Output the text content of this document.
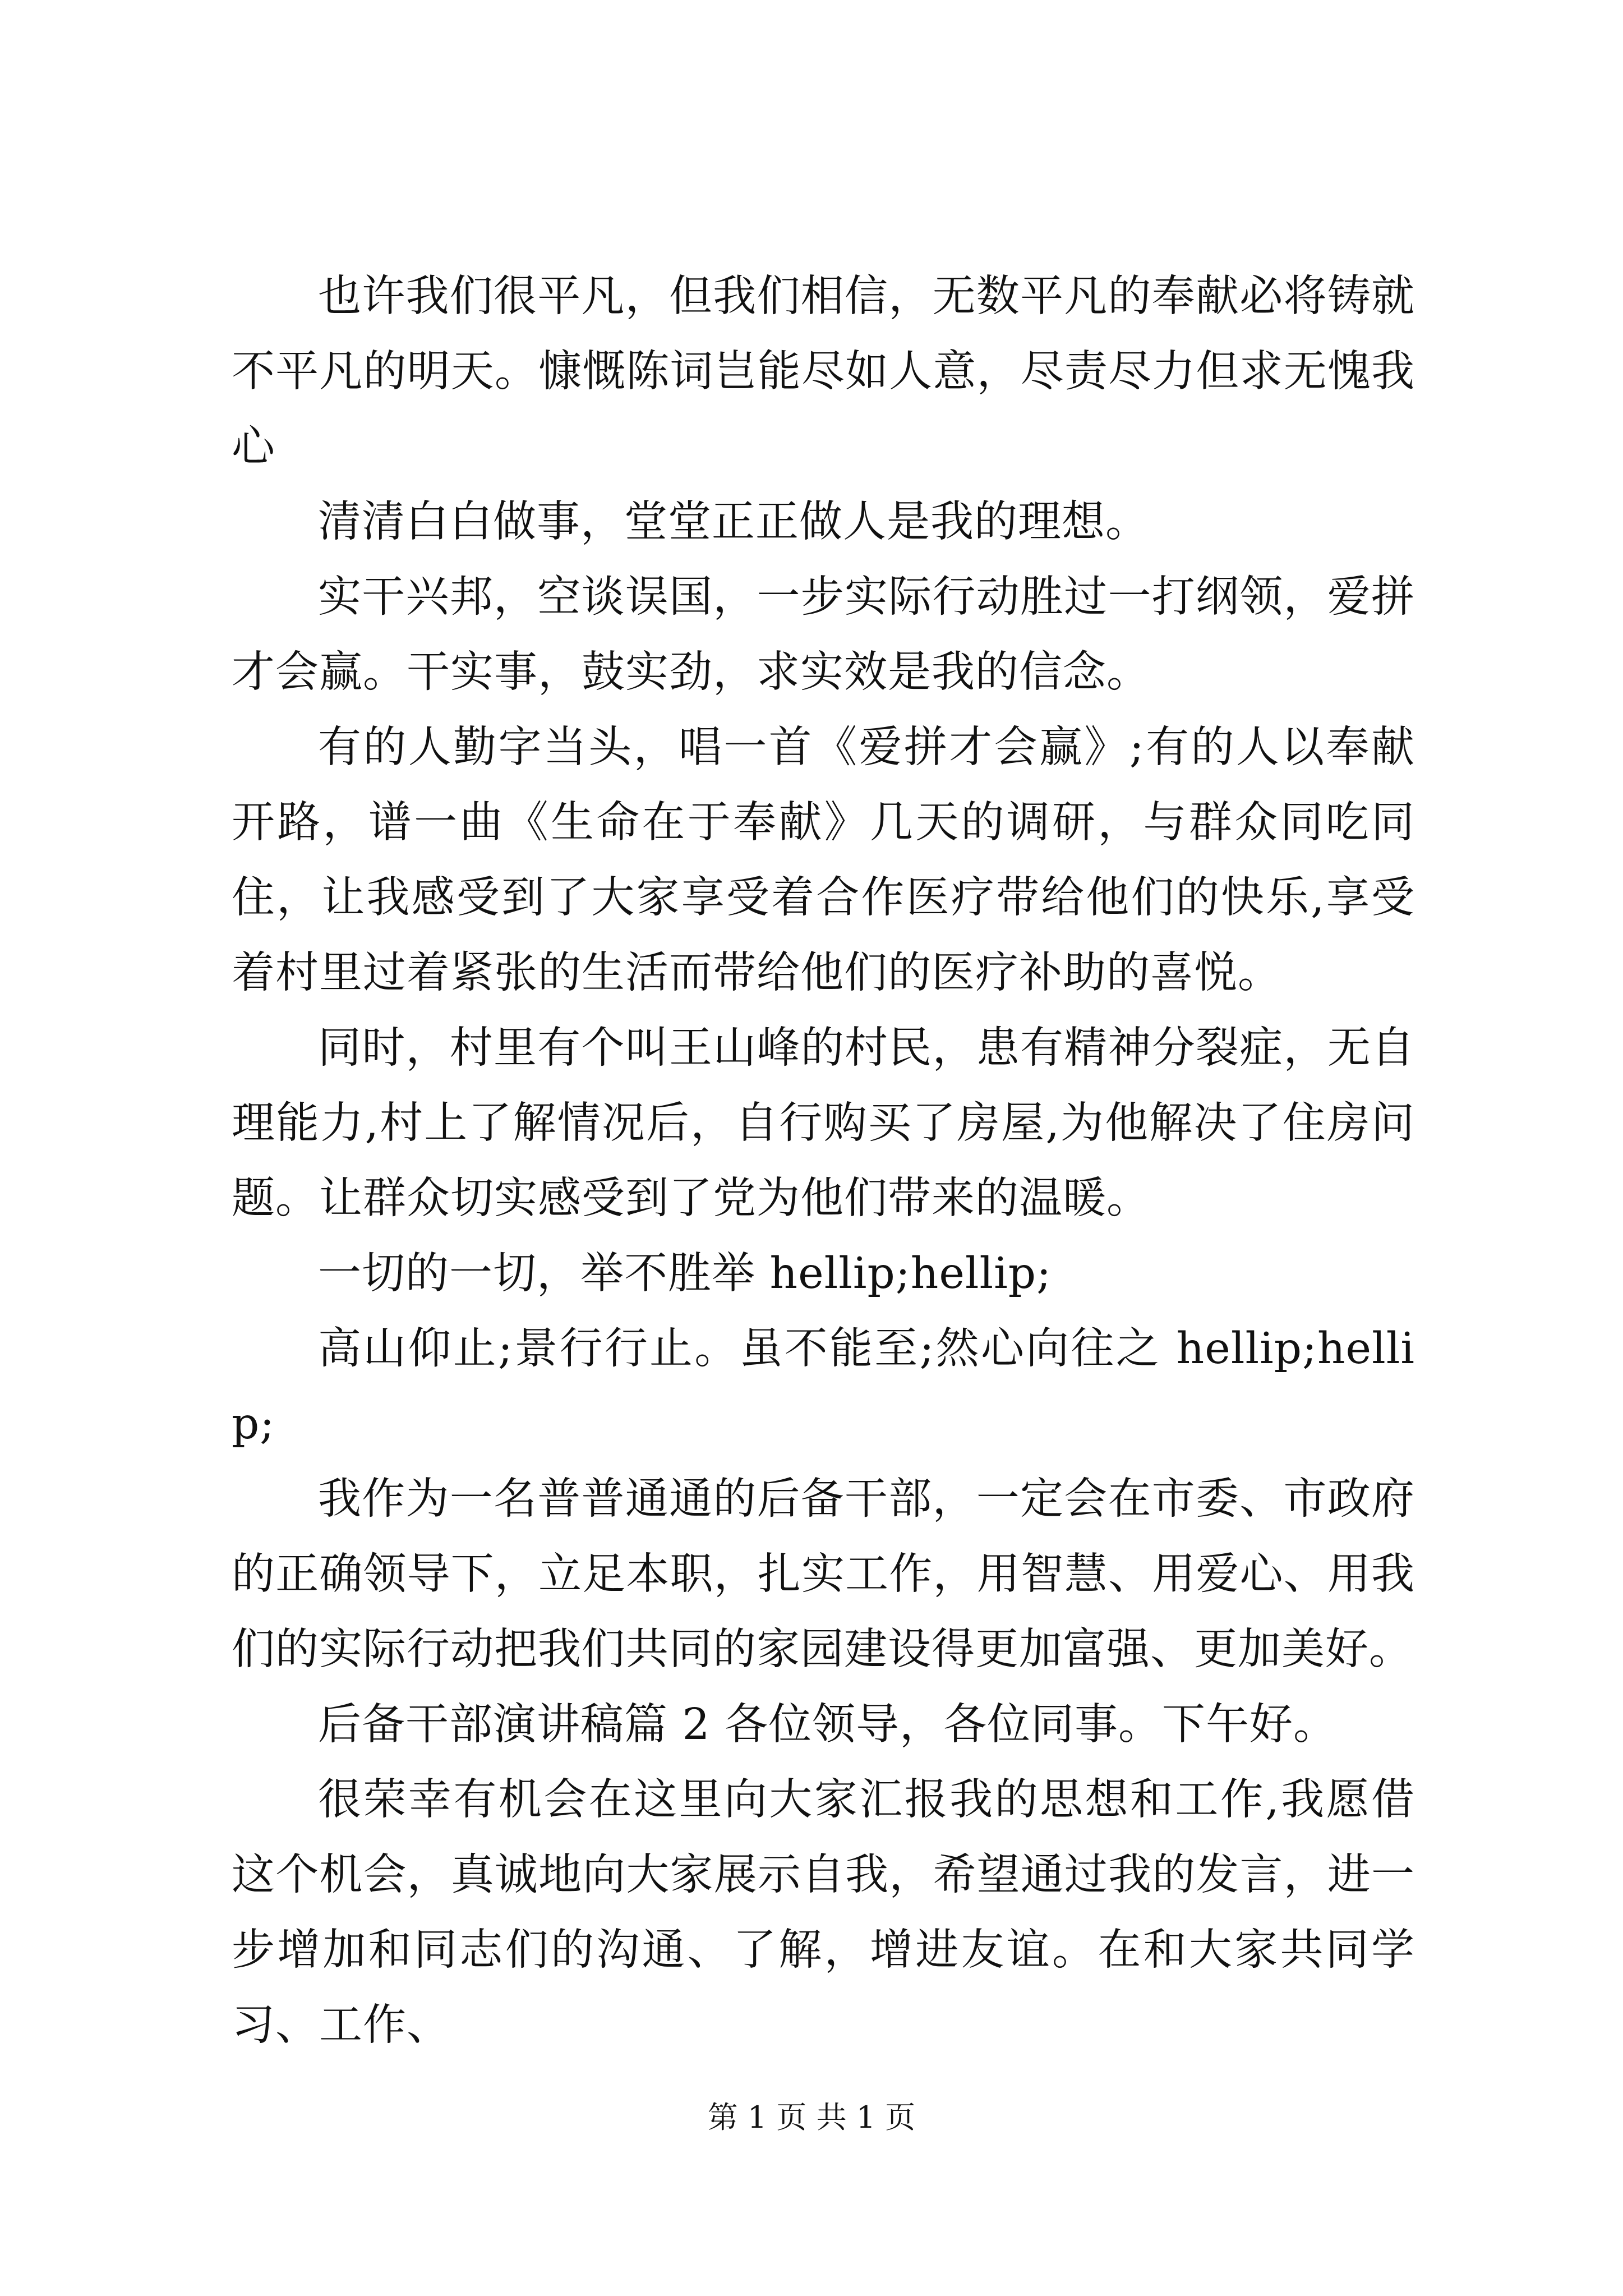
也许我们很平凡，但我们相信，无数平凡的奉献必将铸就不平凡的明天。慷慨陈词岂能尽如人意，尽责尽力但求无愧我心

清清白白做事，堂堂正正做人是我的理想。

实干兴邦，空谈误国，一步实际行动胜过一打纲领，爱拼才会赢。干实事，鼓实劲，求实效是我的信念。

有的人勤字当头，唱一首《爱拼才会赢》;有的人以奉献开路，谱一曲《生命在于奉献》几天的调研，与群众同吃同住，让我感受到了大家享受着合作医疗带给他们的快乐,享受着村里过着紧张的生活而带给他们的医疗补助的喜悦。

同时，村里有个叫王山峰的村民，患有精神分裂症，无自理能力,村上了解情况后，自行购买了房屋,为他解决了住房问题。让群众切实感受到了党为他们带来的温暖。

一切的一切，举不胜举 hellip;hellip;

高山仰止;景行行止。虽不能至;然心向往之 hellip;hellip;

我作为一名普普通通的后备干部，一定会在市委、市政府的正确领导下，立足本职，扎实工作，用智慧、用爱心、用我们的实际行动把我们共同的家园建设得更加富强、更加美好。

后备干部演讲稿篇 2 各位领导，各位同事。下午好。

很荣幸有机会在这里向大家汇报我的思想和工作,我愿借这个机会，真诚地向大家展示自我，希望通过我的发言，进一步增加和同志们的沟通、了解，增进友谊。在和大家共同学习、工作、

第 1 页 共 1 页
